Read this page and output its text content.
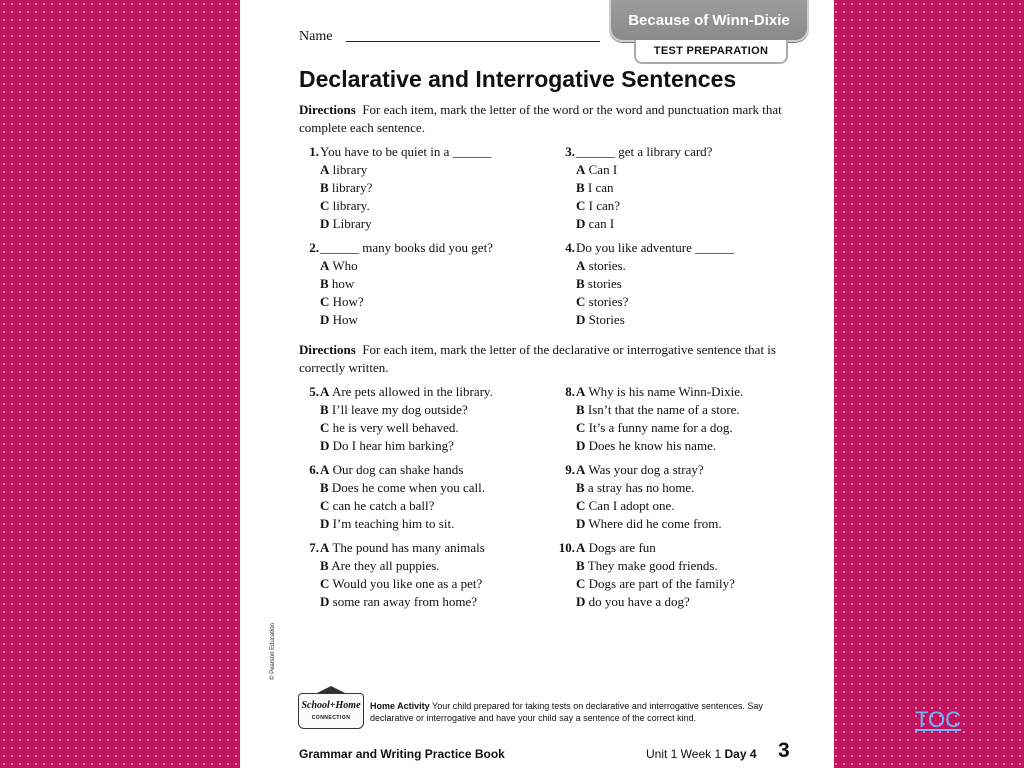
Name
Because of Winn-Dixie
TEST PREPARATION
Declarative and Interrogative Sentences
Directions For each item, mark the letter of the word or the word and punctuation mark that complete each sentence.
Directions For each item, mark the letter of the declarative or interrogative sentence that is correctly written.
1. You have to be quiet in a ______
A library
B library?
C library.
D Library
2. ______ many books did you get?
A Who
B how
C How?
D How
3. ______ get a library card?
A Can I
B I can
C I can?
D can I
4. Do you like adventure ______
A stories.
B stories
C stories?
D Stories
5. A Are pets allowed in the library.
B I’ll leave my dog outside?
C he is very well behaved.
D Do I hear him barking?
6. A Our dog can shake hands
B Does he come when you call.
C can he catch a ball?
D I’m teaching him to sit.
7. A The pound has many animals
B Are they all puppies.
C Would you like one as a pet?
D some ran away from home?
8. A Why is his name Winn-Dixie.
B Isn’t that the name of a store.
C It’s a funny name for a dog.
D Does he know his name.
9. A Was your dog a stray?
B a stray has no home.
C Can I adopt one.
D Where did he come from.
10. A Dogs are fun
B They make good friends.
C Dogs are part of the family?
D do you have a dog?
© Pearson Education
School+Home
CONNECTION
Home Activity Your child prepared for taking tests on declarative and interrogative sentences. Say declarative or interrogative and have your child say a sentence of the correct kind.
Grammar and Writing Practice Book	Unit 1 Week 1 Day 4 3
TOC
